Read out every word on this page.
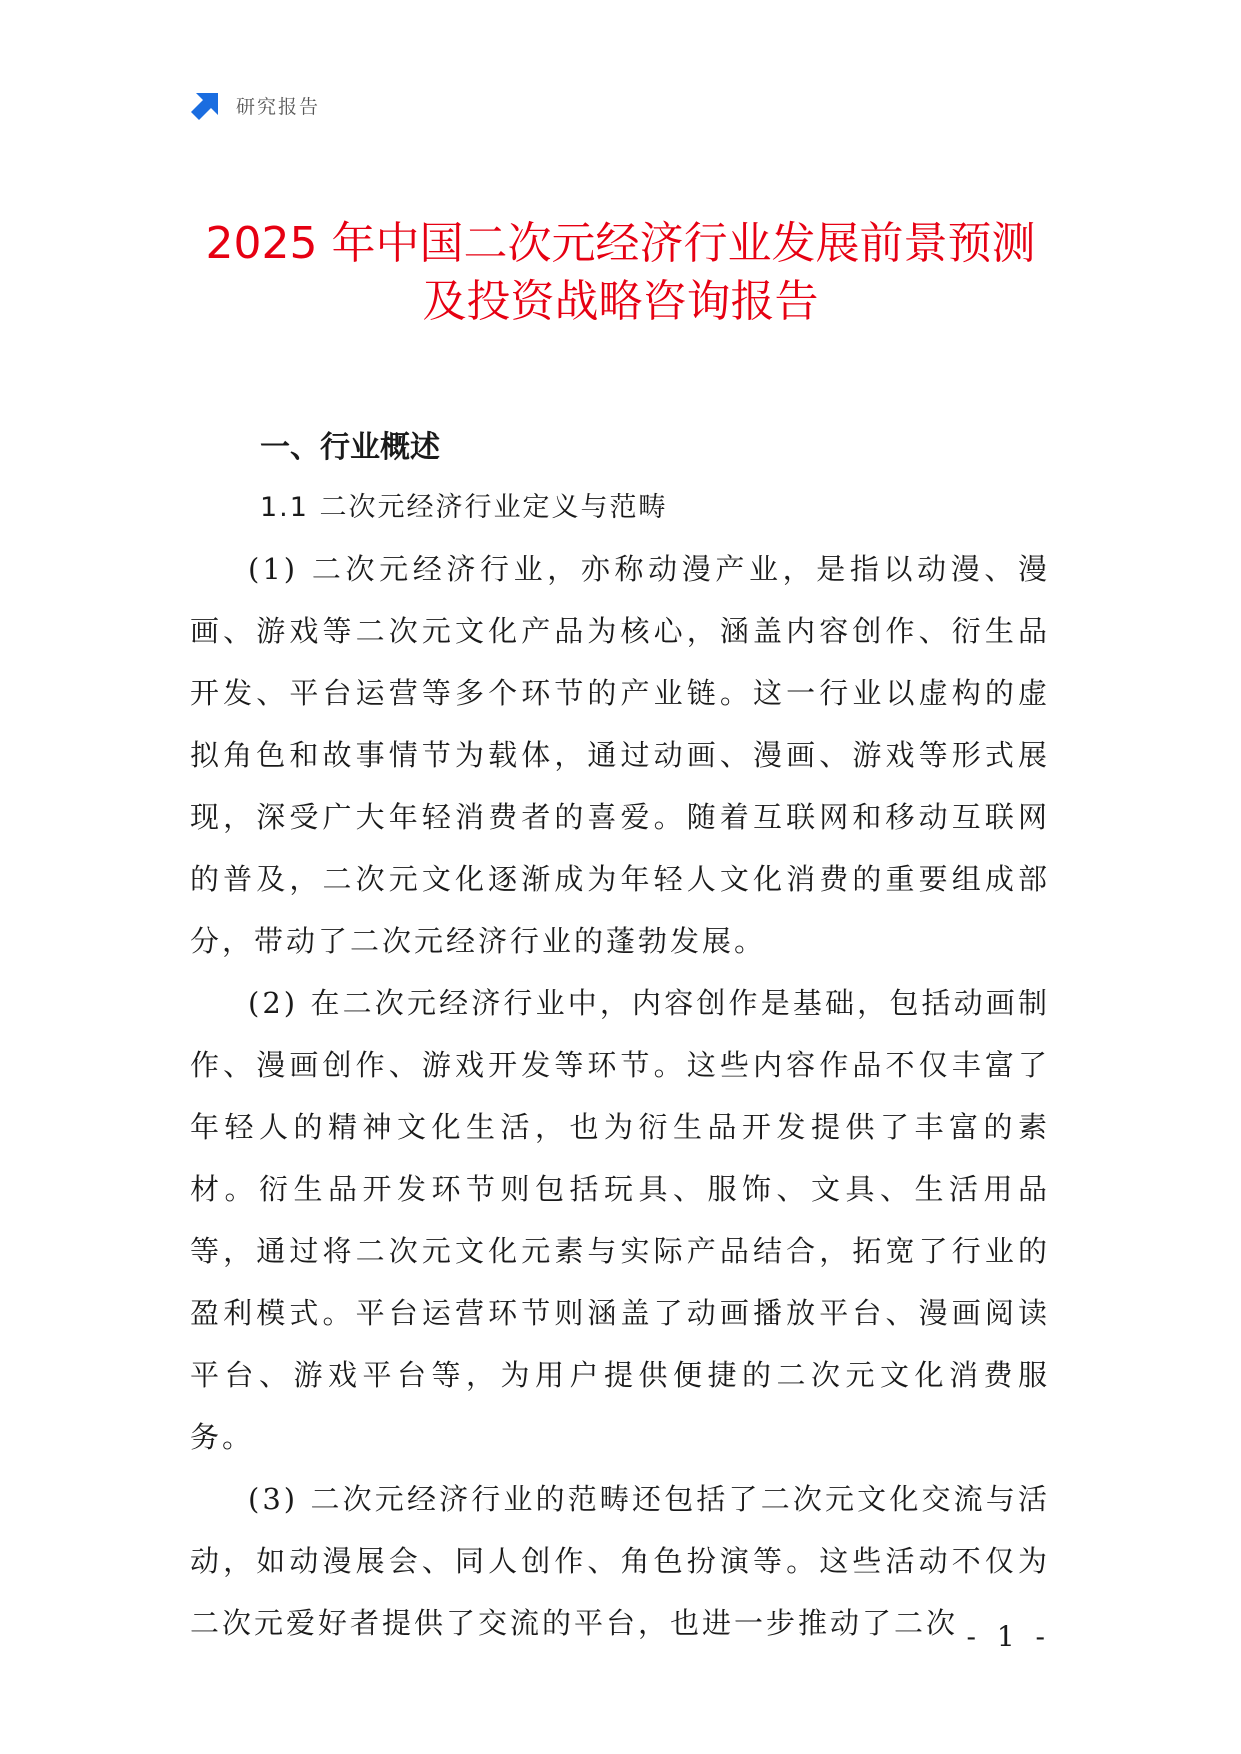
研究报告
2025 年中国二次元经济行业发展前景预测
及投资战略咨询报告
一、行业概述
1.1 二次元经济行业定义与范畴

(1) 二次元经济行业，亦称动漫产业，是指以动漫、漫画、游戏等二次元文化产品为核心，涵盖内容创作、衍生品开发、平台运营等多个环节的产业链。这一行业以虚构的虚拟角色和故事情节为载体，通过动画、漫画、游戏等形式展现，深受广大年轻消费者的喜爱。随着互联网和移动互联网的普及，二次元文化逐渐成为年轻人文化消费的重要组成部分，带动了二次元经济行业的蓬勃发展。

(2) 在二次元经济行业中，内容创作是基础，包括动画制作、漫画创作、游戏开发等环节。这些内容作品不仅丰富了年轻人的精神文化生活，也为衍生品开发提供了丰富的素材。衍生品开发环节则包括玩具、服饰、文具、生活用品等，通过将二次元文化元素与实际产品结合，拓宽了行业的盈利模式。平台运营环节则涵盖了动画播放平台、漫画阅读平台、游戏平台等，为用户提供便捷的二次元文化消费服务。

(3) 二次元经济行业的范畴还包括了二次元文化交流与活动，如动漫展会、同人创作、角色扮演等。这些活动不仅为二次元爱好者提供了交流的平台，也进一步推动了二次 - 1 -
